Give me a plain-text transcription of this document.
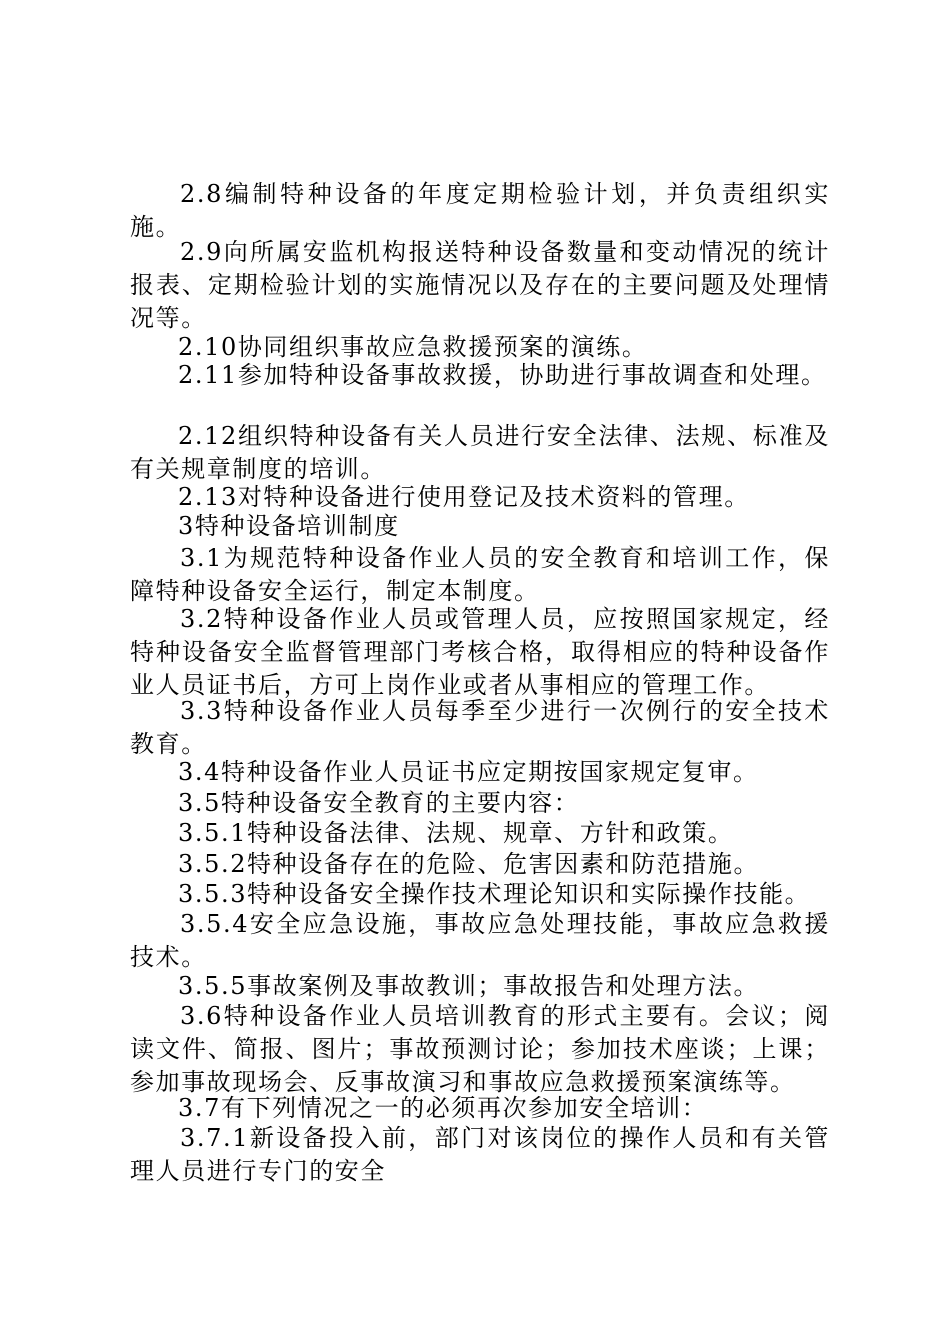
2.8编制特种设备的年度定期检验计划，并负责组织实施。

2.9向所属安监机构报送特种设备数量和变动情况的统计报表、定期检验计划的实施情况以及存在的主要问题及处理情况等。

2.10协同组织事故应急救援预案的演练。

2.11参加特种设备事故救援，协助进行事故调查和处理。

2.12组织特种设备有关人员进行安全法律、法规、标准及有关规章制度的培训。

2.13对特种设备进行使用登记及技术资料的管理。

3特种设备培训制度

3.1为规范特种设备作业人员的安全教育和培训工作，保障特种设备安全运行，制定本制度。

3.2特种设备作业人员或管理人员，应按照国家规定，经特种设备安全监督管理部门考核合格，取得相应的特种设备作业人员证书后，方可上岗作业或者从事相应的管理工作。

3.3特种设备作业人员每季至少进行一次例行的安全技术教育。

3.4特种设备作业人员证书应定期按国家规定复审。

3.5特种设备安全教育的主要内容：

3.5.1特种设备法律、法规、规章、方针和政策。

3.5.2特种设备存在的危险、危害因素和防范措施。

3.5.3特种设备安全操作技术理论知识和实际操作技能。

3.5.4安全应急设施，事故应急处理技能，事故应急救援技术。

3.5.5事故案例及事故教训；事故报告和处理方法。

3.6特种设备作业人员培训教育的形式主要有。会议；阅读文件、简报、图片；事故预测讨论；参加技术座谈；上课；参加事故现场会、反事故演习和事故应急救援预案演练等。

3.7有下列情况之一的必须再次参加安全培训：

3.7.1新设备投入前，部门对该岗位的操作人员和有关管理人员进行专门的安全
